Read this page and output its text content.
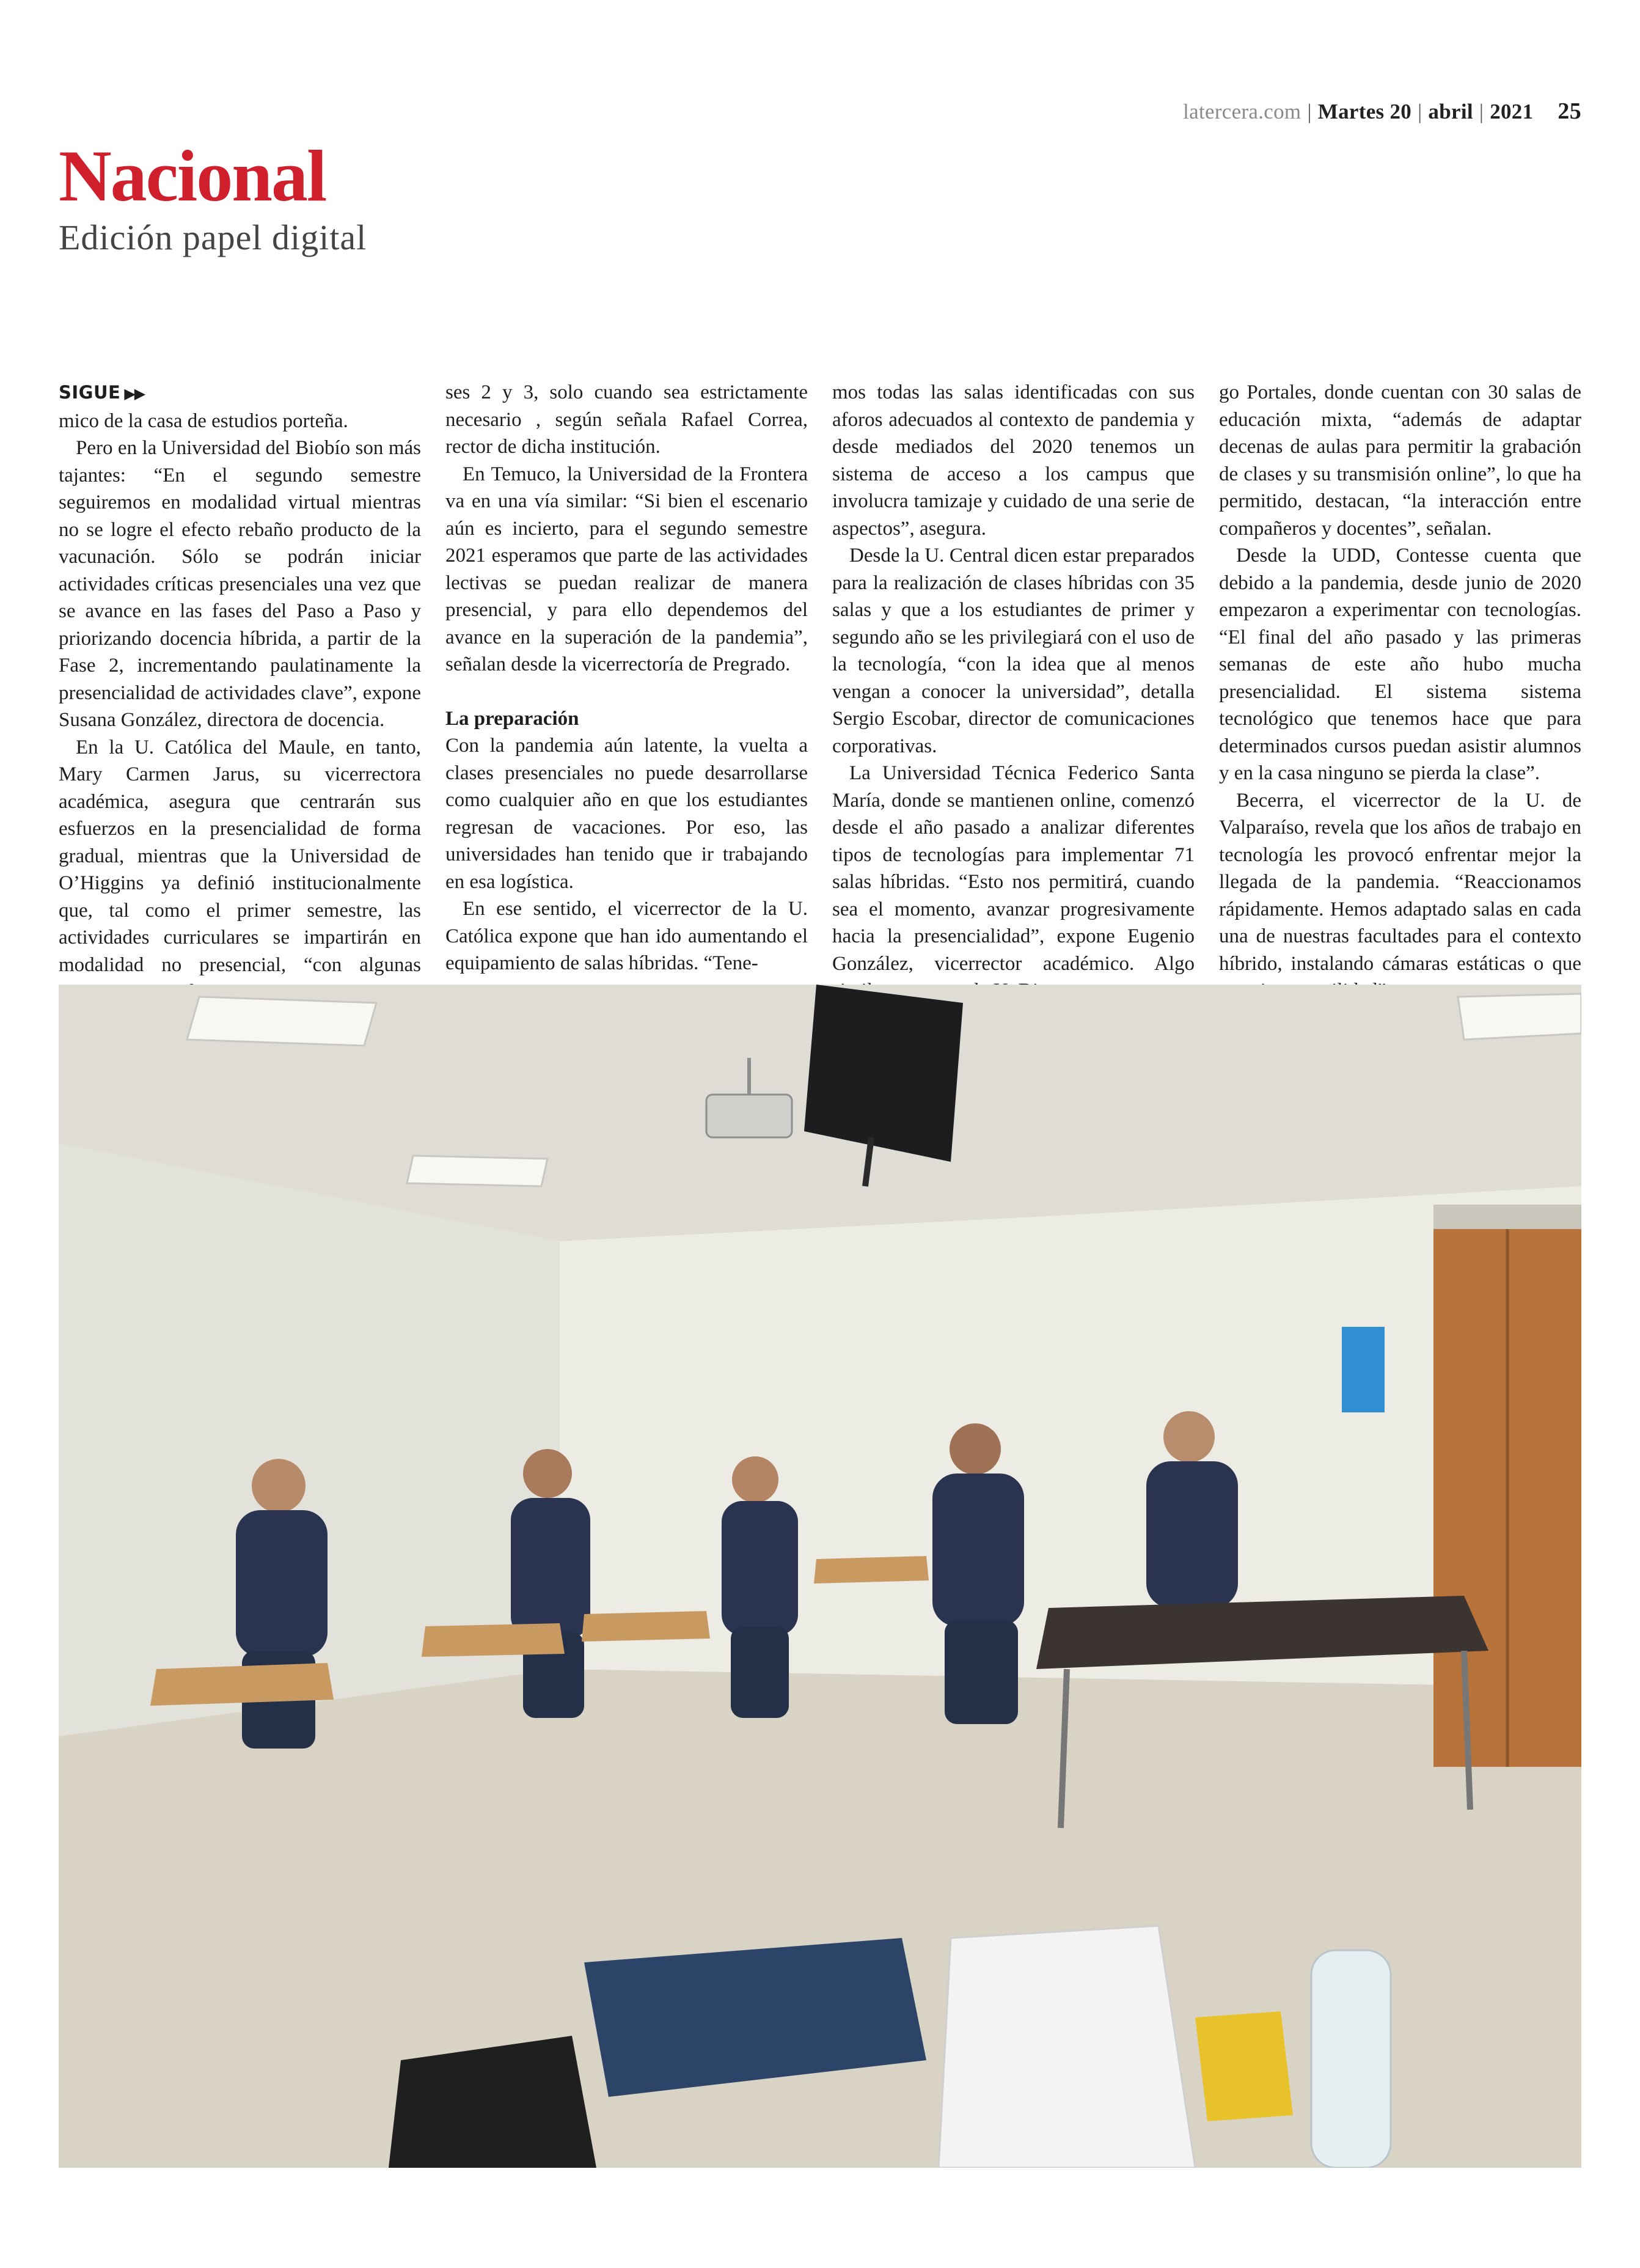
latercera.com | Martes 20 | abril | 2021 25
Nacional
Edición papel digital
SIGUE ▶▶

mico de la casa de estudios porteña.

Pero en la Universidad del Biobío son más tajantes: “En el segundo semestre seguiremos en modalidad virtual mientras no se logre el efecto rebaño producto de la vacunación. Sólo se podrán iniciar actividades críticas presenciales una vez que se avance en las fases del Paso a Paso y priorizando docencia híbrida, a partir de la Fase 2, incrementando paulatinamente la presencialidad de actividades clave”, expone Susana González, directora de docencia.

En la U. Católica del Maule, en tanto, Mary Carmen Jarus, su vicerrectora académica, asegura que centrarán sus esfuerzos en la presencialidad de forma gradual, mientras que la Universidad de O’Higgins ya definió institucionalmente que, tal como el primer semestre, las actividades curriculares se impartirán en modalidad no presencial, “con algunas

ses 2 y 3, solo cuando sea estrictamente necesario , según señala Rafael Correa, rector de dicha institución.

En Temuco, la Universidad de la Frontera va en una vía similar: “Si bien el escenario aún es incierto, para el segundo semestre 2021 esperamos que parte de las actividades lectivas se puedan realizar de manera presencial, y para ello dependemos del avance en la superación de la pandemia”, señalan desde la vicerrectoría de Pregrado.

La preparación

Con la pandemia aún latente, la vuelta a clases presenciales no puede desarrollarse como cualquier año en que los estudiantes regresan de vacaciones. Por eso, las universidades han tenido que ir trabajando en esa logística.

En ese sentido, el vicerrector de la U. Católica expone que han ido aumentando el equipamiento de salas híbridas. “Tene-

mos todas las salas identificadas con sus aforos adecuados al contexto de pandemia y desde mediados del 2020 tenemos un sistema de acceso a los campus que involucra tamizaje y cuidado de una serie de aspectos”, asegura.

Desde la U. Central dicen estar preparados para la realización de clases híbridas con 35 salas y que a los estudiantes de primer y segundo año se les privilegiará con el uso de la tecnología, “con la idea que al menos vengan a conocer la universidad”, detalla Sergio Escobar, director de comunicaciones corporativas.

La Universidad Técnica Federico Santa María, donde se mantienen online, comenzó desde el año pasado a analizar diferentes tipos de tecnologías para implementar 71 salas híbridas. “Esto nos permitirá, cuando sea el momento, avanzar progresivamente hacia la presencialidad”, expone Eugenio González, vicerrector académico. Algo

go Portales, donde cuentan con 30 salas de educación mixta, “además de adaptar decenas de aulas para permitir la grabación de clases y su transmisión online”, lo que ha permitido, destacan, “la interacción entre compañeros y docentes”, señalan.

Desde la UDD, Contesse cuenta que debido a la pandemia, desde junio de 2020 empezaron a experimentar con tecnologías. “El final del año pasado y las primeras semanas de este año hubo mucha presencialidad. El sistema sistema tecnológico que tenemos hace que para determinados cursos puedan asistir alumnos y en la casa ninguno se pierda la clase”.

Becerra, el vicerrector de la U. de Valparaíso, revela que los años de trabajo en tecnología les provocó enfrentar mejor la llegada de la pandemia. “Reaccionamos rápidamente. Hemos adaptado salas en cada una de nuestras facultades para el contexto híbrido, instalando cámaras estáticas o que
